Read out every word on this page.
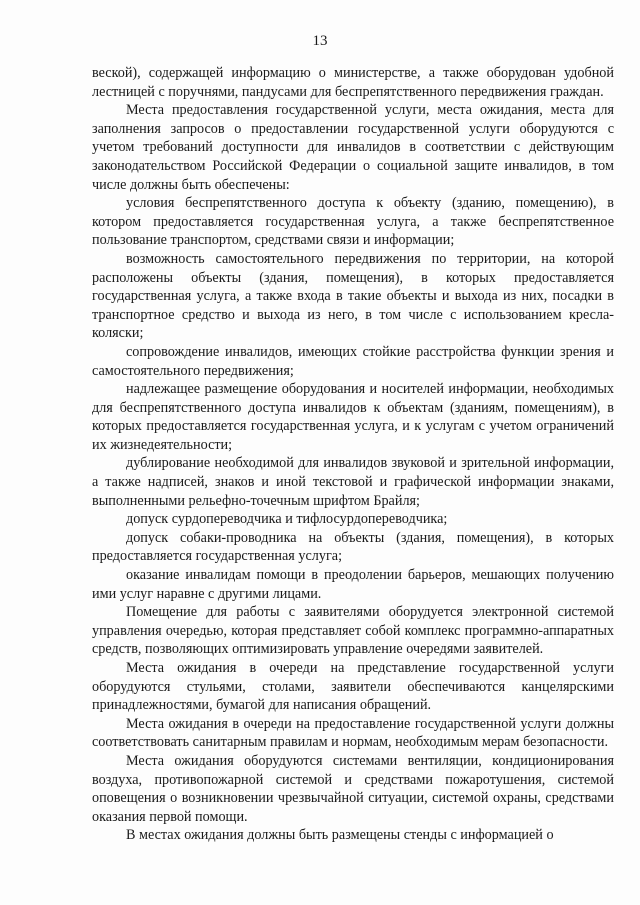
13

веской), содержащей информацию о министерстве, а также оборудован удобной лестницей с поручнями, пандусами для беспрепятственного передвижения граждан.

Места предоставления государственной услуги, места ожидания, места для заполнения запросов о предоставлении государственной услуги оборудуются с учетом требований доступности для инвалидов в соответствии с действующим законодательством Российской Федерации о социальной защите инвалидов, в том числе должны быть обеспечены:

условия беспрепятственного доступа к объекту (зданию, помещению), в котором предоставляется государственная услуга, а также беспрепятственное пользование транспортом, средствами связи и информации;

возможность самостоятельного передвижения по территории, на которой расположены объекты (здания, помещения), в которых предоставляется государственная услуга, а также входа в такие объекты и выхода из них, посадки в транспортное средство и выхода из него, в том числе с использованием кресла-коляски;

сопровождение инвалидов, имеющих стойкие расстройства функции зрения и самостоятельного передвижения;

надлежащее размещение оборудования и носителей информации, необходимых для беспрепятственного доступа инвалидов к объектам (зданиям, помещениям), в которых предоставляется государственная услуга, и к услугам с учетом ограничений их жизнедеятельности;

дублирование необходимой для инвалидов звуковой и зрительной информации, а также надписей, знаков и иной текстовой и графической информации знаками, выполненными рельефно-точечным шрифтом Брайля;

допуск сурдопереводчика и тифлосурдопереводчика;

допуск собаки-проводника на объекты (здания, помещения), в которых предоставляется государственная услуга;

оказание инвалидам помощи в преодолении барьеров, мешающих получению ими услуг наравне с другими лицами.

Помещение для работы с заявителями оборудуется электронной системой управления очередью, которая представляет собой комплекс программно-аппаратных средств, позволяющих оптимизировать управление очередями заявителей.

Места ожидания в очереди на представление государственной услуги оборудуются стульями, столами, заявители обеспечиваются канцелярскими принадлежностями, бумагой для написания обращений.

Места ожидания в очереди на предоставление государственной услуги должны соответствовать санитарным правилам и нормам, необходимым мерам безопасности.

Места ожидания оборудуются системами вентиляции, кондиционирования воздуха, противопожарной системой и средствами пожаротушения, системой оповещения о возникновении чрезвычайной ситуации, системой охраны, средствами оказания первой помощи.

В местах ожидания должны быть размещены стенды с информацией о
